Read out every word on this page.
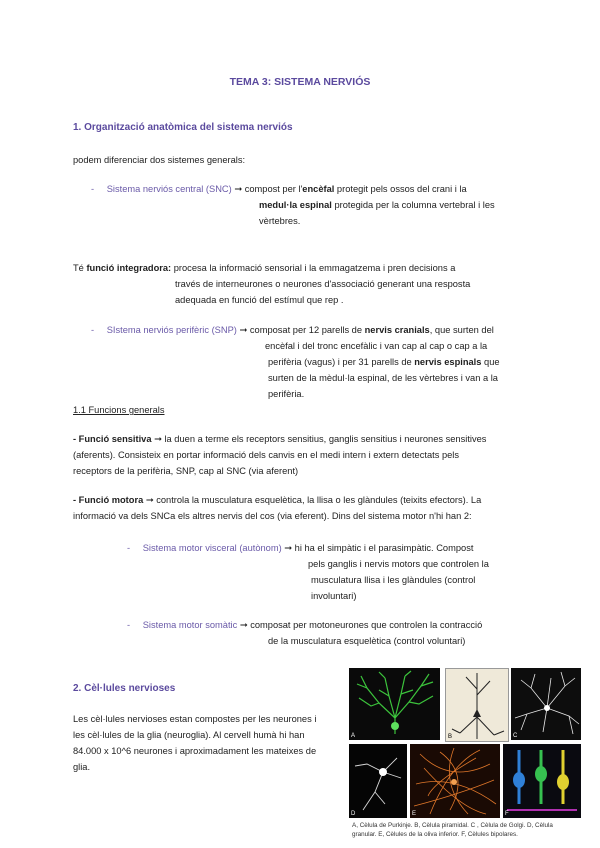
TEMA 3: SISTEMA NERVIÓS
1. Organització anatòmica del sistema nerviós
podem diferenciar dos sistemes generals:
- Sistema nerviós central (SNC) ➞ compost per l'encèfal protegit pels ossos del crani i la
medul·la espinal protegida per la columna vertebral i les
vèrtebres.
Té funció integradora: procesa la informació sensorial i la emmagatzema i pren decisions a
través de interneurones o neurones d'associació generant una resposta
adequada en funció del estímul que rep .
- SIstema nerviós perifèric (SNP) ➞ composat per 12 parells de nervis cranials, que surten del
encèfal i del tronc encefàlic i van cap al cap o cap a la
perifèria (vagus) i per 31 parells de nervis espinals que
surten de la mèdul·la espinal, de les vèrtebres i van a la
perifèria.
1.1 Funcions generals
- Funció sensitiva ➞ la duen a terme els receptors sensitius, ganglis sensitius i neurones sensitives
(aferents). Consisteix en portar informació dels canvis en el medi intern i extern detectats pels
receptors de la perifèria, SNP, cap al SNC (via aferent)
- Funció motora ➞ controla la musculatura esquelètica, la llisa o les glàndules (teixits efectors). La
informació va dels SNCa els altres nervis del cos (via eferent). Dins del sistema motor n'hi han 2:
- Sistema motor visceral (autònom) ➞ hi ha el simpàtic i el parasimpàtic. Compost
pels ganglis i nervis motors que controlen la
musculatura llisa i les glàndules (control
involuntari)
- Sistema motor somàtic ➞ composat per motoneurones que controlen la contracció
de la musculatura esquelètica (control voluntari)
2. Cèl·lules nervioses
Les cèl·lules nervioses estan compostes per les neurones i
les cèl·lules de la glia (neuroglia). Al cervell humà hi han
84.000 x 10^6 neurones i aproximadament les mateixes de
glia.
A	B	C
D	E	F
A, Cèlula de Purkinje. B, Cèlula piramidal. C , Cèlula de Golgi. D, Cèlula
granular. E, Cèlules de la oliva inferior. F, Cèlules bipolares.
